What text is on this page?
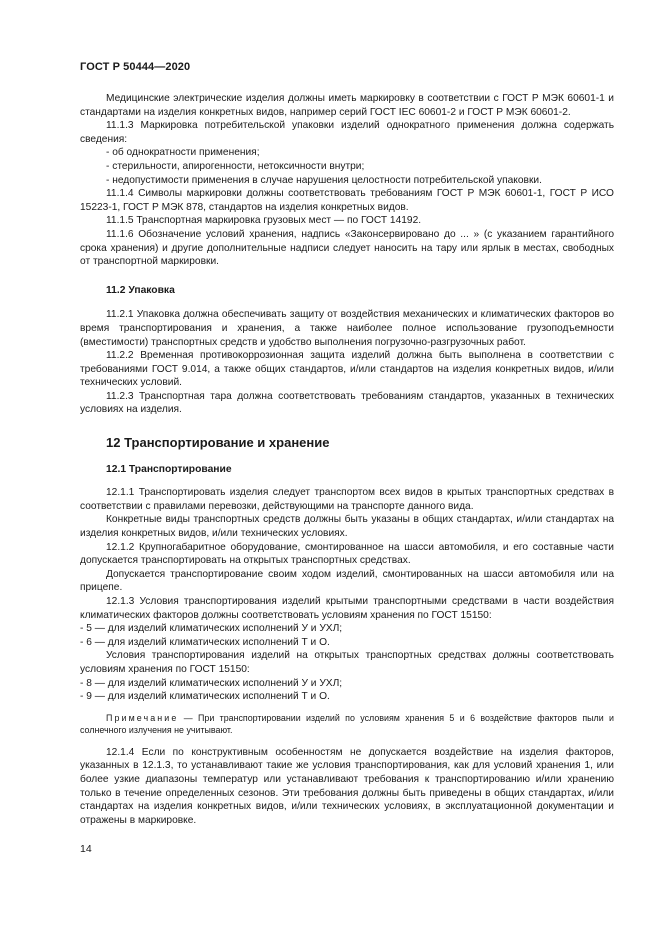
ГОСТ Р 50444—2020

Медицинские электрические изделия должны иметь маркировку в соответствии с ГОСТ Р МЭК 60601-1 и стандартами на изделия конкретных видов, например серий ГОСТ IEC 60601-2 и ГОСТ Р МЭК 60601-2.

11.1.3 Маркировка потребительской упаковки изделий однократного применения должна содержать сведения:

- об однократности применения;

- стерильности, апирогенности, нетоксичности внутри;

- недопустимости применения в случае нарушения целостности потребительской упаковки.

11.1.4 Символы маркировки должны соответствовать требованиям ГОСТ Р МЭК 60601-1, ГОСТ Р ИСО 15223-1, ГОСТ Р МЭК 878, стандартов на изделия конкретных видов.

11.1.5 Транспортная маркировка грузовых мест — по ГОСТ 14192.

11.1.6 Обозначение условий хранения, надпись «Законсервировано до ... » (с указанием гарантийного срока хранения) и другие дополнительные надписи следует наносить на тару или ярлык в местах, свободных от транспортной маркировки.

11.2 Упаковка

11.2.1 Упаковка должна обеспечивать защиту от воздействия механических и климатических факторов во время транспортирования и хранения, а также наиболее полное использование грузоподъемности (вместимости) транспортных средств и удобство выполнения погрузочно-разгрузочных работ.

11.2.2 Временная противокоррозионная защита изделий должна быть выполнена в соответствии с требованиями ГОСТ 9.014, а также общих стандартов, и/или стандартов на изделия конкретных видов, и/или технических условий.

11.2.3 Транспортная тара должна соответствовать требованиям стандартов, указанных в технических условиях на изделия.

12 Транспортирование и хранение
12.1 Транспортирование

12.1.1 Транспортировать изделия следует транспортом всех видов в крытых транспортных средствах в соответствии с правилами перевозки, действующими на транспорте данного вида.

Конкретные виды транспортных средств должны быть указаны в общих стандартах, и/или стандартах на изделия конкретных видов, и/или технических условиях.

12.1.2 Крупногабаритное оборудование, смонтированное на шасси автомобиля, и его составные части допускается транспортировать на открытых транспортных средствах.

Допускается транспортирование своим ходом изделий, смонтированных на шасси автомобиля или на прицепе.

12.1.3 Условия транспортирования изделий крытыми транспортными средствами в части воздействия климатических факторов должны соответствовать условиям хранения по ГОСТ 15150:

- 5 — для изделий климатических исполнений У и УХЛ;

- 6 — для изделий климатических исполнений Т и О.

Условия транспортирования изделий на открытых транспортных средствах должны соответствовать условиям хранения по ГОСТ 15150:

- 8 — для изделий климатических исполнений У и УХЛ;

- 9 — для изделий климатических исполнений Т и О.

Примечание — При транспортировании изделий по условиям хранения 5 и 6 воздействие факторов пыли и солнечного излучения не учитывают.

12.1.4 Если по конструктивным особенностям не допускается воздействие на изделия факторов, указанных в 12.1.3, то устанавливают такие же условия транспортирования, как для условий хранения 1, или более узкие диапазоны температур или устанавливают требования к транспортированию и/или хранению только в течение определенных сезонов. Эти требования должны быть приведены в общих стандартах, и/или стандартах на изделия конкретных видов, и/или технических условиях, в эксплуатационной документации и отражены в маркировке.

14
